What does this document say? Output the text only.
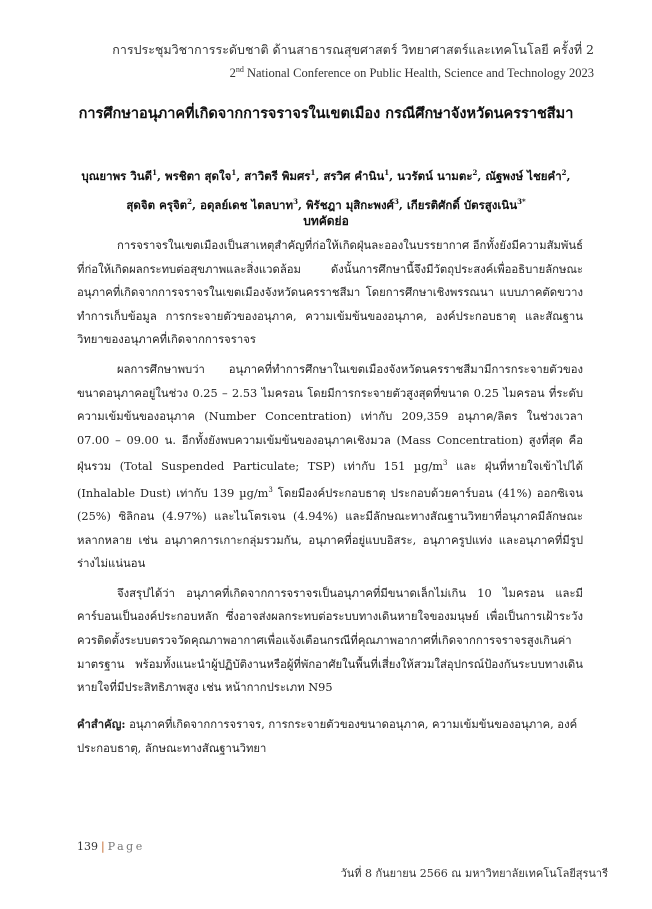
การประชุมวิชาการระดับชาติ ด้านสาธารณสุขศาสตร์ วิทยาศาสตร์และเทคโนโลยี ครั้งที่ 2
2nd National Conference on Public Health, Science and Technology 2023
การศึกษาอนุภาคที่เกิดจากการจราจรในเขตเมือง กรณีศึกษาจังหวัดนครราชสีมา
บุณยาพร วินดี$^1$, พรชิตา สุดใจ$^1$, สาวิตรี พิมศร$^1$, สรวิศ คำนิน$^1$, นวรัตน์ นามตะ$^2$, ณัฐพงษ์ ไชยคำ$^2$,
สุดจิต ครุจิต$^2$, อดุลย์เดช ไตลบาท$^3$, พิรัชฎา มุสิกะพงศ์$^3$, เกียรติศักดิ์ บัตรสูงเนิน$^{3*}$
บทคัดย่อ

การจราจรในเขตเมืองเป็นสาเหตุสำคัญที่ก่อให้เกิดฝุ่นละอองในบรรยากาศ อีกทั้งยังมีความสัมพันธ์ที่ก่อให้เกิดผลกระทบต่อสุขภาพและสิ่งแวดล้อม ดังนั้นการศึกษานี้จึงมีวัตถุประสงค์เพื่ออธิบายลักษณะอนุภาคที่เกิดจากการจราจรในเขตเมืองจังหวัดนครราชสีมา โดยการศึกษาเชิงพรรณนา แบบภาคตัดขวาง ทำการเก็บข้อมูล การกระจายตัวของอนุภาค, ความเข้มข้นของอนุภาค, องค์ประกอบธาตุ และสัณฐานวิทยาของอนุภาคที่เกิดจากการจราจร

ผลการศึกษาพบว่า อนุภาคที่ทำการศึกษาในเขตเมืองจังหวัดนครราชสีมามีการกระจายตัวของขนาดอนุภาคอยู่ในช่วง 0.25 – 2.53 ไมครอน โดยมีการกระจายตัวสูงสุดที่ขนาด 0.25 ไมครอน ที่ระดับความเข้มข้นของอนุภาค (Number Concentration) เท่ากับ 209,359 อนุภาค/ลิตร ในช่วงเวลา 07.00 – 09.00 น. อีกทั้งยังพบความเข้มข้นของอนุภาคเชิงมวล (Mass Concentration) สูงที่สุด คือ ฝุ่นรวม (Total Suspended Particulate; TSP) เท่ากับ 151 $\mu g/m^3$ และ ฝุ่นที่หายใจเข้าไปได้ (Inhalable Dust) เท่ากับ 139 $\mu g/m^3$ โดยมีองค์ประกอบธาตุ ประกอบด้วยคาร์บอน (41%) ออกซิเจน (25%) ซิลิกอน (4.97%) และไนโตรเจน (4.94%) และมีลักษณะทางสัณฐานวิทยาที่อนุภาคมีลักษณะหลากหลาย เช่น อนุภาคการเกาะกลุ่มรวมกัน, อนุภาคที่อยู่แบบอิสระ, อนุภาครูปแท่ง และอนุภาคที่มีรูปร่างไม่แน่นอน

จึงสรุปได้ว่า อนุภาคที่เกิดจากการจราจรเป็นอนุภาคที่มีขนาดเล็กไม่เกิน 10 ไมครอน และมีคาร์บอนเป็นองค์ประกอบหลัก ซึ่งอาจส่งผลกระทบต่อระบบทางเดินหายใจของมนุษย์ เพื่อเป็นการเฝ้าระวังควรติดตั้งระบบตรวจวัดคุณภาพอากาศเพื่อแจ้งเตือนกรณีที่คุณภาพอากาศที่เกิดจากการจราจรสูงเกินค่ามาตรฐาน พร้อมทั้งแนะนำผู้ปฏิบัติงานหรือผู้ที่พักอาศัยในพื้นที่เสี่ยงให้สวมใส่อุปกรณ์ป้องกันระบบทางเดินหายใจที่มีประสิทธิภาพสูง เช่น หน้ากากประเภท N95

คำสำคัญ: อนุภาคที่เกิดจากการจราจร, การกระจายตัวของขนาดอนุภาค, ความเข้มข้นของอนุภาค, องค์ประกอบธาตุ, ลักษณะทางสัณฐานวิทยา
139 | Page
วันที่ 8 กันยายน 2566 ณ มหาวิทยาลัยเทคโนโลยีสุรนารี
